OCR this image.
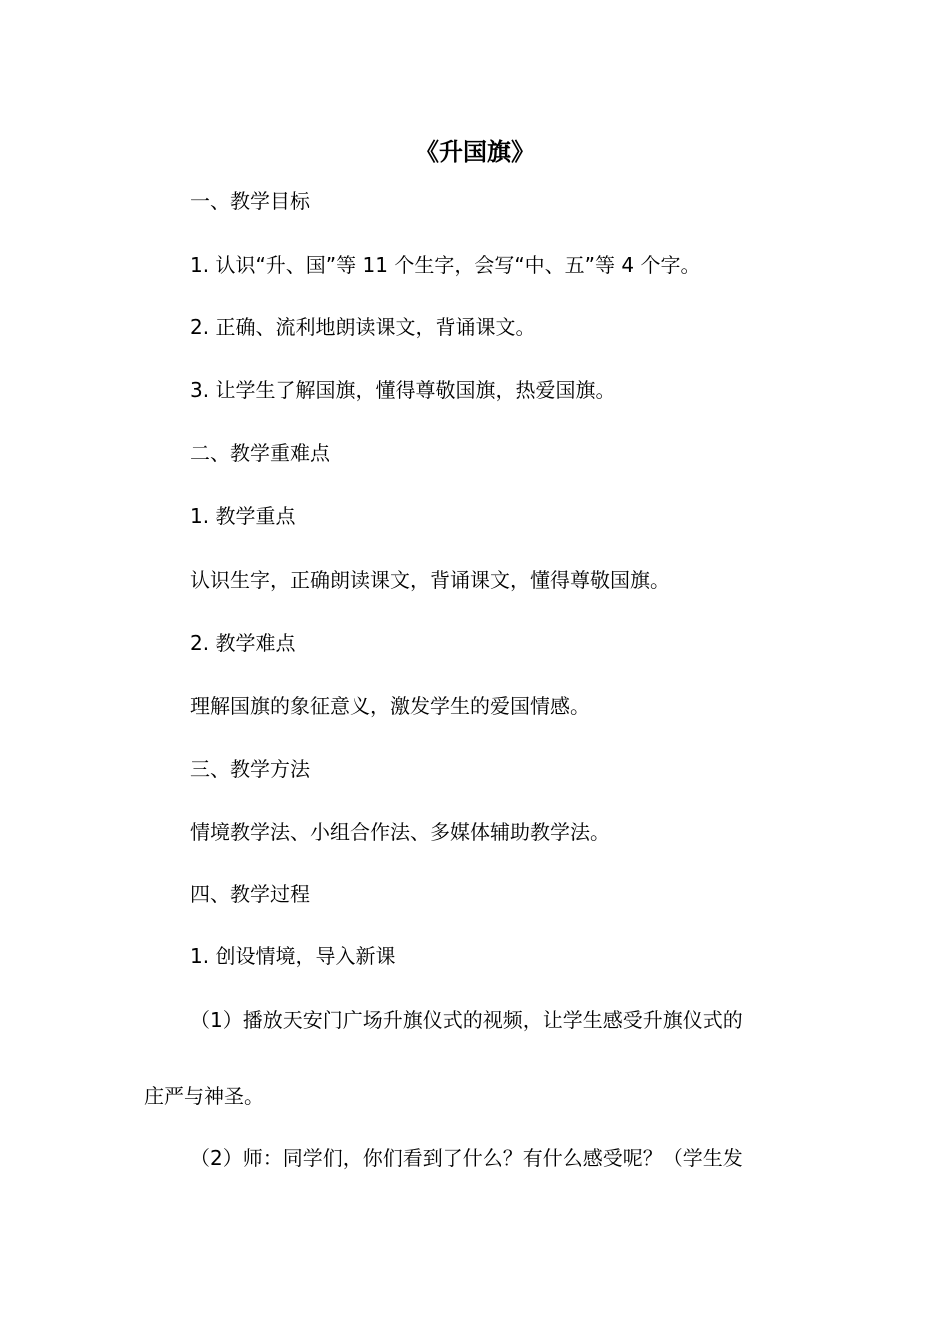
《升国旗》
一、教学目标
1. 认识“升、国”等 11 个生字，会写“中、五”等 4 个字。
2. 正确、流利地朗读课文，背诵课文。
3. 让学生了解国旗，懂得尊敬国旗，热爱国旗。
二、教学重难点
1. 教学重点
认识生字，正确朗读课文，背诵课文，懂得尊敬国旗。
2. 教学难点
理解国旗的象征意义，激发学生的爱国情感。
三、教学方法
情境教学法、小组合作法、多媒体辅助教学法。
四、教学过程
1. 创设情境，导入新课
（1）播放天安门广场升旗仪式的视频，让学生感受升旗仪式的
庄严与神圣。
（2）师：同学们，你们看到了什么？有什么感受呢？（学生发
